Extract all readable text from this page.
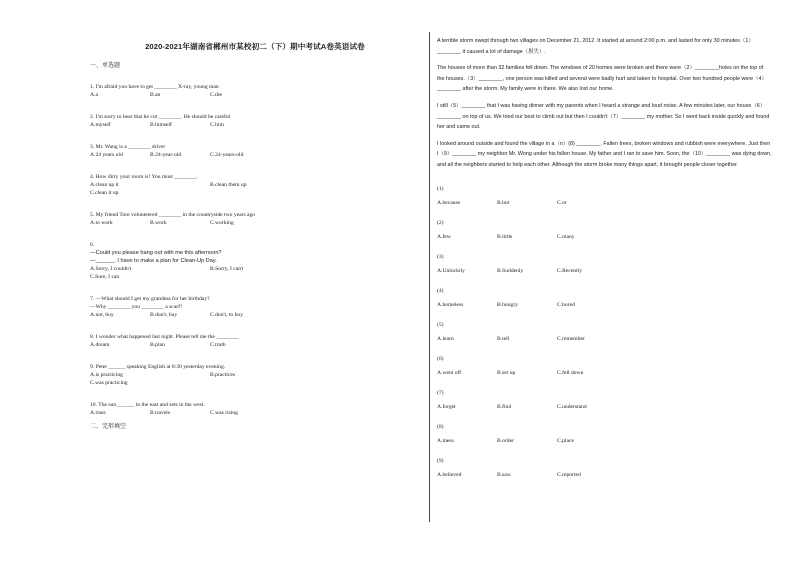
2020-2021年湖南省郴州市某校初二（下）期中考试A卷英语试卷
一、单选题
1. I'm afraid you have to get ________ X-ray, young man
A.a	B.an	C.the
2. I'm sorry to hear that he cut ________. He should be careful
A.myself	B.himself	C.him
3. Mr. Wang is a ________ driver
A.24 years old	B.24-year-old	C.24-years-old
4. How dirty your room is! You must ________.
A.clean up it	B.clean them up
C.clean it up
5. My friend Tom volunteered ________ in the countryside two years ago
A.to work	B.work	C.working
6.
—Could you please hang out with me this afternoon?
—______. I have to make a plan for Clean-Up Day.
A.Sorry, I couldn't	B.Sorry, I can't
C.Sure, I can
7. —What should I get my grandma for her birthday?
—Why ________ you ________ a scarf?
A.not, buy	B.don't, buy	C.don't, to buy
8. I wonder what happened last night. Please tell me the ________
A.dream	B.plan	C.truth
9. Peter ______ speaking English at 8:30 yesterday evening.
A.is practicing	B.practices
C.was practicing
10. The sun ______ in the east and sets in the west.
A.rises	B.travels	C.was rising
二、完形填空

A terrible storm swept through two villages on December 21, 2012. It started at around 2:00 p.m. and lasted for only 30 minutes（1）________ it caused a lot of damage（损失）.

The houses of more than 32 families fell down. The windows of 20 homes were broken and there were（2）________holes on the top of the houses.（3）________, one person was killed and several were badly hurt and taken to hospital. Over two hundred people were（4）________ after the storm. My family were in there. We also lost our home.

I still（5）________ that I was having dinner with my parents when I heard a strange and loud noise. A few minutes later, our house（6）________ on top of us. We tried our best to climb out but then I couldn't（7）________ my mother. So I went back inside quickly and found her and came out.

I looked around outside and found the village in a（n）(8) ________. Fallen trees, broken windows and rubbish were everywhere. Just then I（9）________ my neighbor Mr. Wong under his fallen house. My father and I ran to save him. Soon, the（10）________ was dying down, and all the neighbors started to help each other. Although the storm broke many things apart, it brought people closer together.

(1)
A.because	B.but	C.or
(2)
A.few	B.little	C.many
(3)
A.Unluckily	B.Suddenly	C.Recently
(4)
A.homeless	B.hungry	C.bored
(5)
A.learn	B.tell	C.remember
(6)
A.went off	B.set up	C.fell down
(7)
A.forget	B.find	C.understand
(8)
A.mess	B.order	C.place
(9)
A.believed	B.saw	C.reported
